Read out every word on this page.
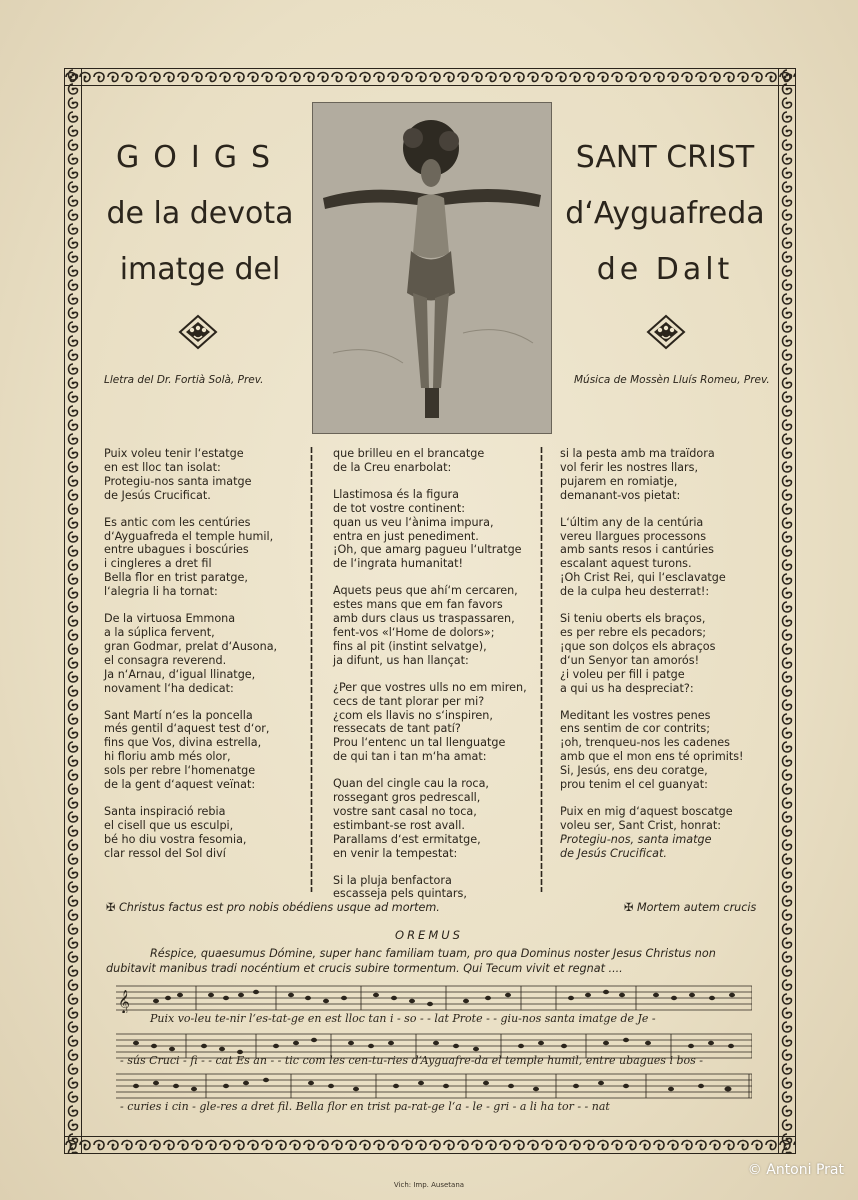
GOIGS
de la devota
imatge del
SANT CRIST
d‘Ayguafreda
de Dalt
Lletra del Dr. Fortià Solà, Prev.	Música de Mossèn Lluís Romeu, Prev.
Puix voleu tenir l‘estatge
en est lloc tan isolat:
Protegiu-nos santa imatge
de Jesús Crucificat.
Es antic com les centúries
d‘Ayguafreda el temple humil,
entre ubagues i boscúries
i cingleres a dret fil
Bella flor en trist paratge,
l‘alegria li ha tornat:
De la virtuosa Emmona
a la súplica fervent,
gran Godmar, prelat d‘Ausona,
el consagra reverend.
Ja n‘Arnau, d‘igual llinatge,
novament l‘ha dedicat:
Sant Martí n‘es la poncella
més gentil d‘aquest test d‘or,
fins que Vos, divina estrella,
hi floriu amb més olor,
sols per rebre l‘homenatge
de la gent d‘aquest veïnat:
Santa inspiració rebia
el cisell que us esculpi,
bé ho diu vostra fesomia,
clar ressol del Sol diví
que brilleu en el brancatge
de la Creu enarbolat:
Llastimosa és la figura
de tot vostre continent:
quan us veu l‘ànima impura,
entra en just penediment.
¡Oh, que amarg pagueu l‘ultratge
de l‘ingrata humanitat!
Aquets peus que ahí‘m cercaren,
estes mans que em fan favors
amb durs claus us traspassaren,
fent-vos «l‘Home de dolors»;
fins al pit (instint selvatge),
ja difunt, us han llançat:
¿Per que vostres ulls no em miren,
cecs de tant plorar per mi?
¿com els llavis no s‘inspiren,
ressecats de tant patí?
Prou l‘entenc un tal llenguatge
de qui tan i tan m‘ha amat:
Quan del cingle cau la roca,
rossegant gros pedrescall,
vostre sant casal no toca,
estimbant-se rost avall.
Parallams d‘est ermitatge,
en venir la tempestat:
Si la pluja benfactora
escasseja pels quintars,
si la pesta amb ma traïdora
vol ferir les nostres llars,
pujarem en romiatje,
demanant-vos pietat:
L‘últim any de la centúria
vereu llargues processons
amb sants resos i cantúries
escalant aquest turons.
¡Oh Crist Rei, qui l‘esclavatge
de la culpa heu desterrat!:
Si teniu oberts els braços,
es per rebre els pecadors;
¡que son dolços els abraços
d‘un Senyor tan amorós!
¿i voleu per fill i patge
a qui us ha despreciat?:
Meditant les vostres penes
ens sentim de cor contrits;
¡oh, trenqueu-nos les cadenes
amb que el mon ens té oprimits!
Si, Jesús, ens deu coratge,
prou tenim el cel guanyat:
Puix en mig d‘aquest boscatge
voleu ser, Sant Crist, honrat:
Protegiu-nos, santa imatge
de Jesús Crucificat.
✠ Christus factus est pro nobis obédiens usque ad mortem.	✠ Mortem autem crucis
OREMUS
Réspice, quaesumus Dómine, super hanc familiam tuam, pro qua Dominus noster Jesus Christus non dubitavit manibus tradi nocéntium et crucis subire tormentum. Qui Tecum vivit et regnat ....
𝄞
Puix vo-leu te-nir l‘es-tat-ge en est lloc tan i - so - - lat Prote - - giu-nos santa imatge de Je -
- sús Cruci - fi - - cat Es an - - tic com les cen-tu-ries d‘Ayguafre-da el temple humil, entre ubagues i bos -
- curies i cin - gle-res a dret fil. Bella flor en trist pa-rat-ge l‘a - le - gri - a li ha tor - - nat
Vich: Imp. Ausetana
© Antoni Prat
